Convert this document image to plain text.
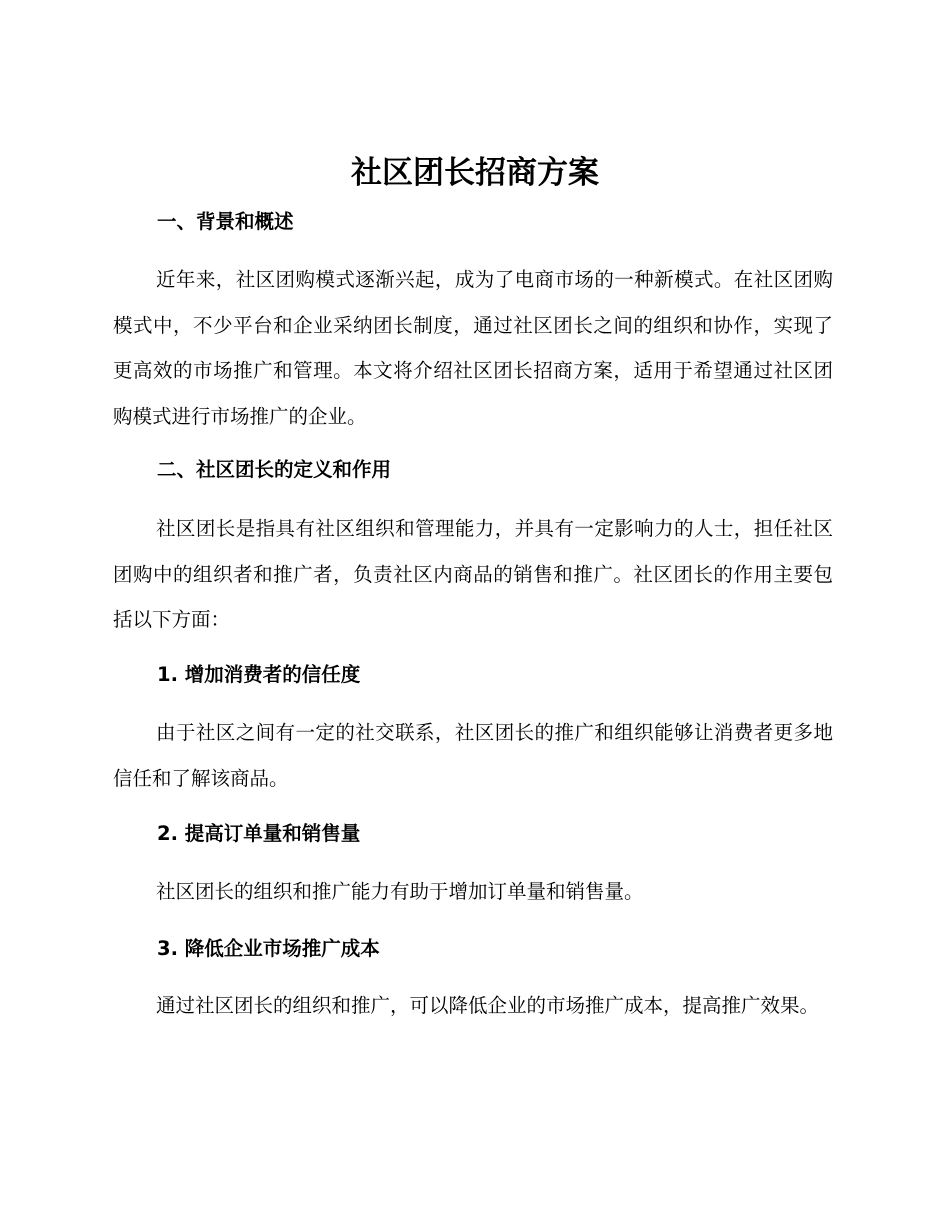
社区团长招商方案
一、背景和概述

近年来，社区团购模式逐渐兴起，成为了电商市场的一种新模式。在社区团购模式中，不少平台和企业采纳团长制度，通过社区团长之间的组织和协作，实现了更高效的市场推广和管理。本文将介绍社区团长招商方案，适用于希望通过社区团购模式进行市场推广的企业。

二、社区团长的定义和作用

社区团长是指具有社区组织和管理能力，并具有一定影响力的人士，担任社区团购中的组织者和推广者，负责社区内商品的销售和推广。社区团长的作用主要包括以下方面：

1. 增加消费者的信任度

由于社区之间有一定的社交联系，社区团长的推广和组织能够让消费者更多地信任和了解该商品。

2. 提高订单量和销售量

社区团长的组织和推广能力有助于增加订单量和销售量。

3. 降低企业市场推广成本

通过社区团长的组织和推广，可以降低企业的市场推广成本，提高推广效果。
